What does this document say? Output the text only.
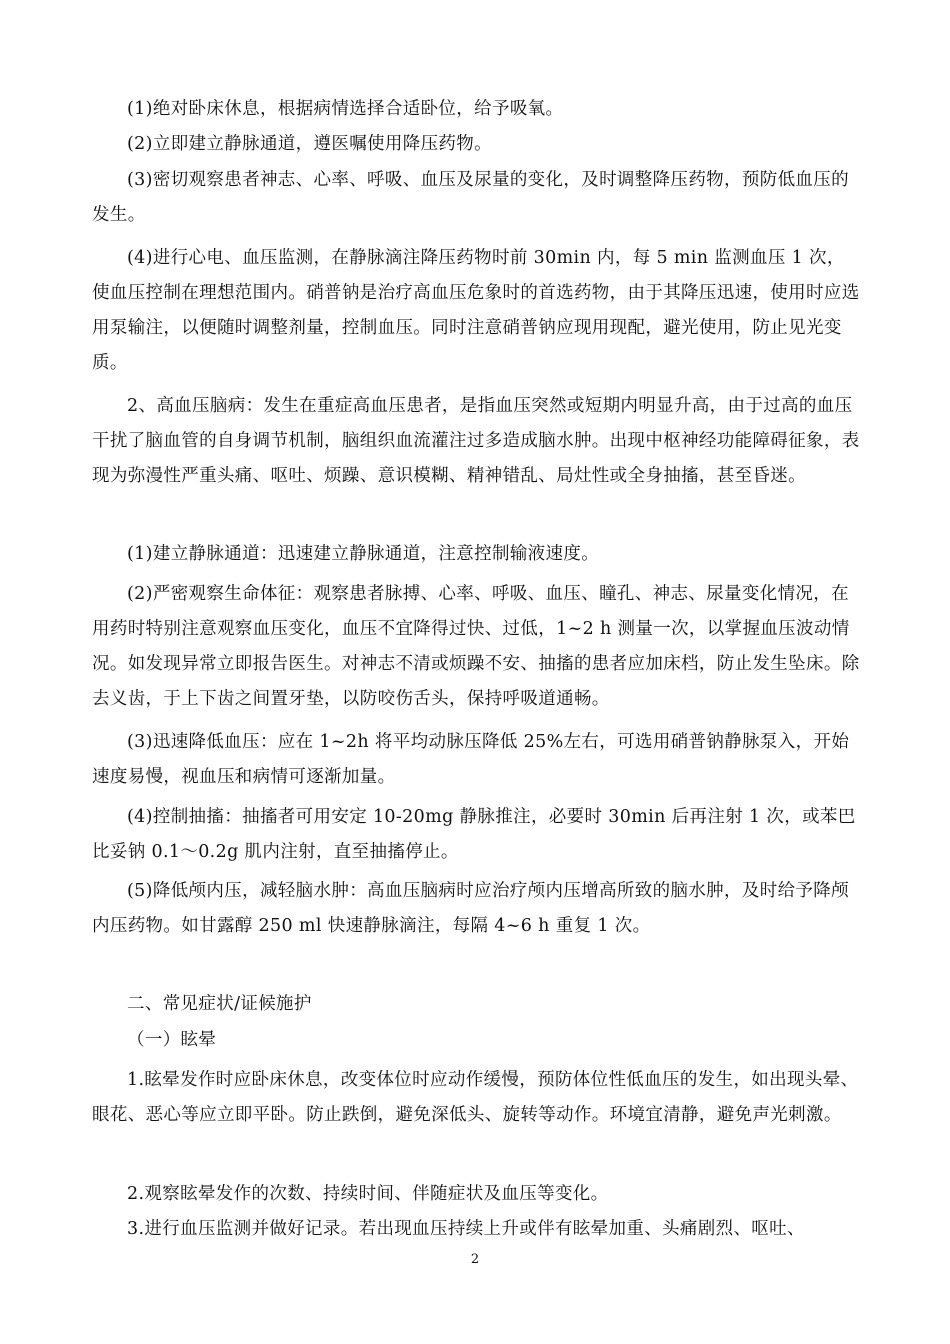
(1)绝对卧床休息，根据病情选择合适卧位，给予吸氧。

(2)立即建立静脉通道，遵医嘱使用降压药物。

(3)密切观察患者神志、心率、呼吸、血压及尿量的变化，及时调整降压药物，预防低血压的发生。

(4)进行心电、血压监测，在静脉滴注降压药物时前 30min 内，每 5 min 监测血压 1 次，使血压控制在理想范围内。硝普钠是治疗高血压危象时的首选药物，由于其降压迅速，使用时应选用泵输注，以便随时调整剂量，控制血压。同时注意硝普钠应现用现配，避光使用，防止见光变质。

2、高血压脑病：发生在重症高血压患者，是指血压突然或短期内明显升高，由于过高的血压干扰了脑血管的自身调节机制，脑组织血流灌注过多造成脑水肿。出现中枢神经功能障碍征象，表现为弥漫性严重头痛、呕吐、烦躁、意识模糊、精神错乱、局灶性或全身抽搐，甚至昏迷。

(1)建立静脉通道：迅速建立静脉通道，注意控制输液速度。

(2)严密观察生命体征：观察患者脉搏、心率、呼吸、血压、瞳孔、神志、尿量变化情况，在用药时特别注意观察血压变化，血压不宜降得过快、过低，1~2 h 测量一次，以掌握血压波动情况。如发现异常立即报告医生。对神志不清或烦躁不安、抽搐的患者应加床档，防止发生坠床。除去义齿，于上下齿之间置牙垫，以防咬伤舌头，保持呼吸道通畅。

(3)迅速降低血压：应在 1~2h 将平均动脉压降低 25%左右，可选用硝普钠静脉泵入，开始速度易慢，视血压和病情可逐渐加量。

(4)控制抽搐：抽搐者可用安定 10-20mg 静脉推注，必要时 30min 后再注射 1 次，或苯巴比妥钠 0.1～0.2g 肌内注射，直至抽搐停止。

(5)降低颅内压，减轻脑水肿：高血压脑病时应治疗颅内压增高所致的脑水肿，及时给予降颅内压药物。如甘露醇 250 ml 快速静脉滴注，每隔 4~6 h 重复 1 次。

二、常见症状/证候施护

（一）眩晕

1.眩晕发作时应卧床休息，改变体位时应动作缓慢，预防体位性低血压的发生，如出现头晕、眼花、恶心等应立即平卧。防止跌倒，避免深低头、旋转等动作。环境宜清静，避免声光刺激。

2.观察眩晕发作的次数、持续时间、伴随症状及血压等变化。

3.进行血压监测并做好记录。若出现血压持续上升或伴有眩晕加重、头痛剧烈、呕吐、

2
